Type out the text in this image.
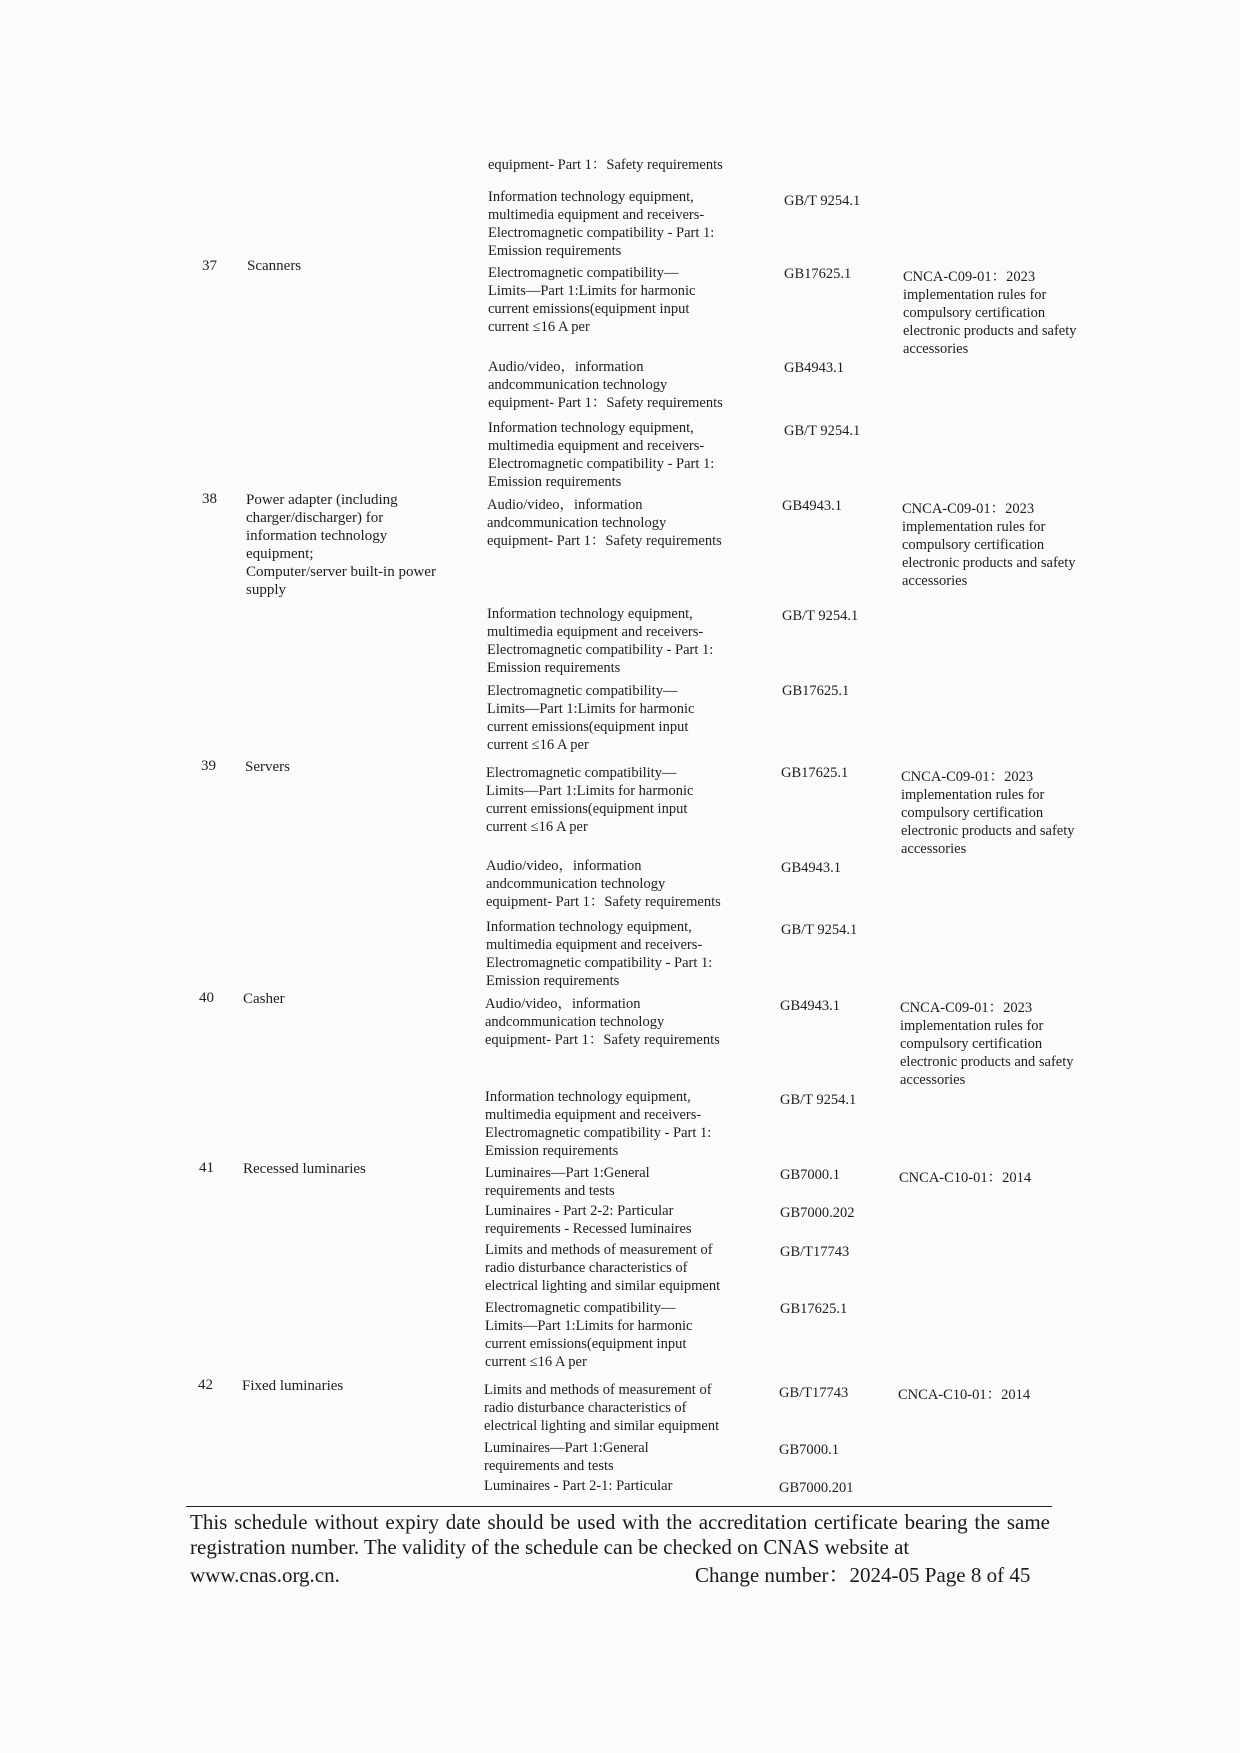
equipment- Part 1：Safety requirements
37 Scanners
CNCA-C09-01：2023
implementation rules for
compulsory certification
electronic products and safety
accessories
Information technology equipment,
multimedia equipment and receivers-
Electromagnetic compatibility - Part 1:
Emission requirements
GB/T 9254.1
Electromagnetic compatibility—
Limits—Part 1:Limits for harmonic
current emissions(equipment input
current ≤16 A per
GB17625.1
Audio/video，information
andcommunication technology
equipment- Part 1：Safety requirements
GB4943.1
Information technology equipment,
multimedia equipment and receivers-
Electromagnetic compatibility - Part 1:
Emission requirements
GB/T 9254.1
38 Power adapter (including
charger/discharger) for
information technology
equipment;
Computer/server built-in power
supply
CNCA-C09-01：2023
implementation rules for
compulsory certification
electronic products and safety
accessories
Audio/video，information
andcommunication technology
equipment- Part 1：Safety requirements
GB4943.1
Information technology equipment,
multimedia equipment and receivers-
Electromagnetic compatibility - Part 1:
Emission requirements
GB/T 9254.1
Electromagnetic compatibility—
Limits—Part 1:Limits for harmonic
current emissions(equipment input
current ≤16 A per
GB17625.1
39 Servers
CNCA-C09-01：2023
implementation rules for
compulsory certification
electronic products and safety
accessories
Electromagnetic compatibility—
Limits—Part 1:Limits for harmonic
current emissions(equipment input
current ≤16 A per
GB17625.1
Audio/video，information
andcommunication technology
equipment- Part 1：Safety requirements
GB4943.1
Information technology equipment,
multimedia equipment and receivers-
Electromagnetic compatibility - Part 1:
Emission requirements
GB/T 9254.1
40 Casher
CNCA-C09-01：2023
implementation rules for
compulsory certification
electronic products and safety
accessories
Audio/video，information
andcommunication technology
equipment- Part 1：Safety requirements
GB4943.1
Information technology equipment,
multimedia equipment and receivers-
Electromagnetic compatibility - Part 1:
Emission requirements
GB/T 9254.1
41 Recessed luminaries
CNCA-C10-01：2014
Luminaires—Part 1:General
requirements and tests
GB7000.1
Luminaires - Part 2-2: Particular
requirements - Recessed luminaires
GB7000.202
Limits and methods of measurement of
radio disturbance characteristics of
electrical lighting and similar equipment
GB/T17743
Electromagnetic compatibility—
Limits—Part 1:Limits for harmonic
current emissions(equipment input
current ≤16 A per
GB17625.1
42 Fixed luminaries
CNCA-C10-01：2014
Limits and methods of measurement of
radio disturbance characteristics of
electrical lighting and similar equipment
GB/T17743
Luminaires—Part 1:General
requirements and tests
GB7000.1
Luminaires - Part 2-1: Particular	GB7000.201
This schedule without expiry date should be used with the accreditation certificate bearing the same registration number. The validity of the schedule can be checked on CNAS website at
www.cnas.org.cn.	Change number：2024-05 Page 8 of 45
